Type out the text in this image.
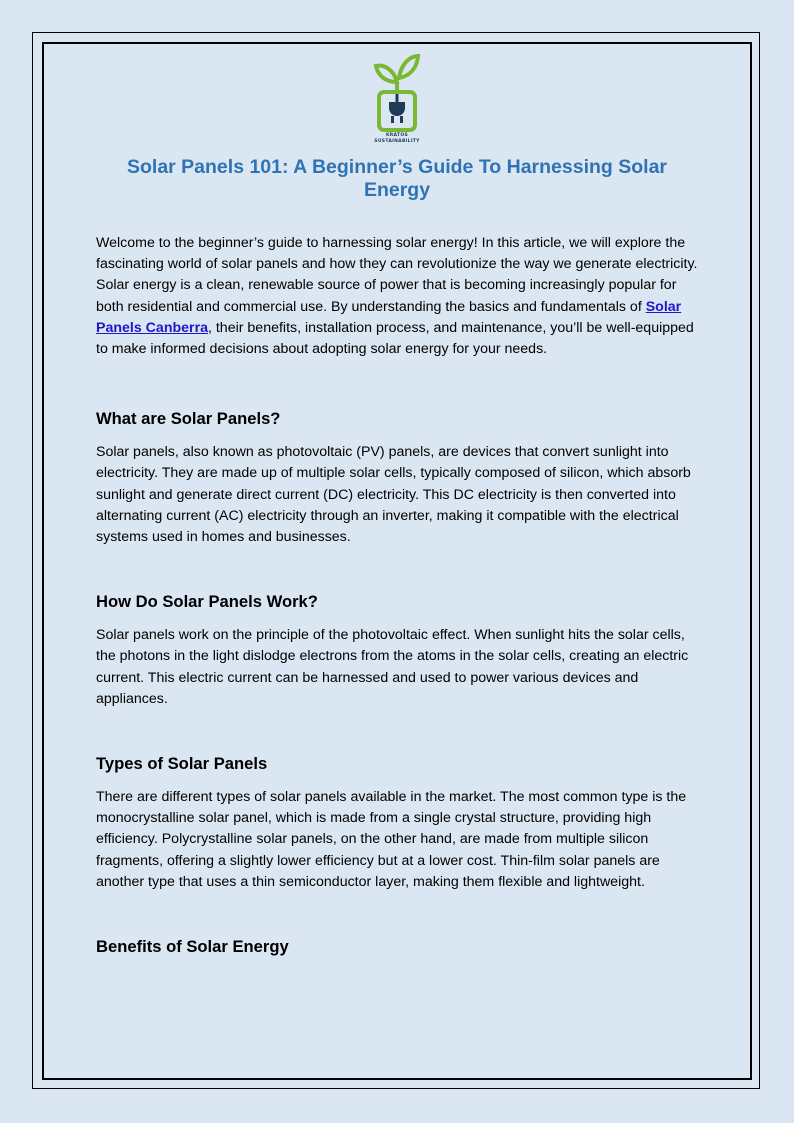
KRATOS
SUSTAINABILITY
Solar Panels 101: A Beginner’s Guide To Harnessing Solar Energy

Welcome to the beginner’s guide to harnessing solar energy! In this article, we will explore the fascinating world of solar panels and how they can revolutionize the way we generate electricity. Solar energy is a clean, renewable source of power that is becoming increasingly popular for both residential and commercial use. By understanding the basics and fundamentals of Solar Panels Canberra, their benefits, installation process, and maintenance, you’ll be well-equipped to make informed decisions about adopting solar energy for your needs.

What are Solar Panels?

Solar panels, also known as photovoltaic (PV) panels, are devices that convert sunlight into electricity. They are made up of multiple solar cells, typically composed of silicon, which absorb sunlight and generate direct current (DC) electricity. This DC electricity is then converted into alternating current (AC) electricity through an inverter, making it compatible with the electrical systems used in homes and businesses.

How Do Solar Panels Work?

Solar panels work on the principle of the photovoltaic effect. When sunlight hits the solar cells, the photons in the light dislodge electrons from the atoms in the solar cells, creating an electric current. This electric current can be harnessed and used to power various devices and appliances.

Types of Solar Panels

There are different types of solar panels available in the market. The most common type is the monocrystalline solar panel, which is made from a single crystal structure, providing high efficiency. Polycrystalline solar panels, on the other hand, are made from multiple silicon fragments, offering a slightly lower efficiency but at a lower cost. Thin-film solar panels are another type that uses a thin semiconductor layer, making them flexible and lightweight.

Benefits of Solar Energy
